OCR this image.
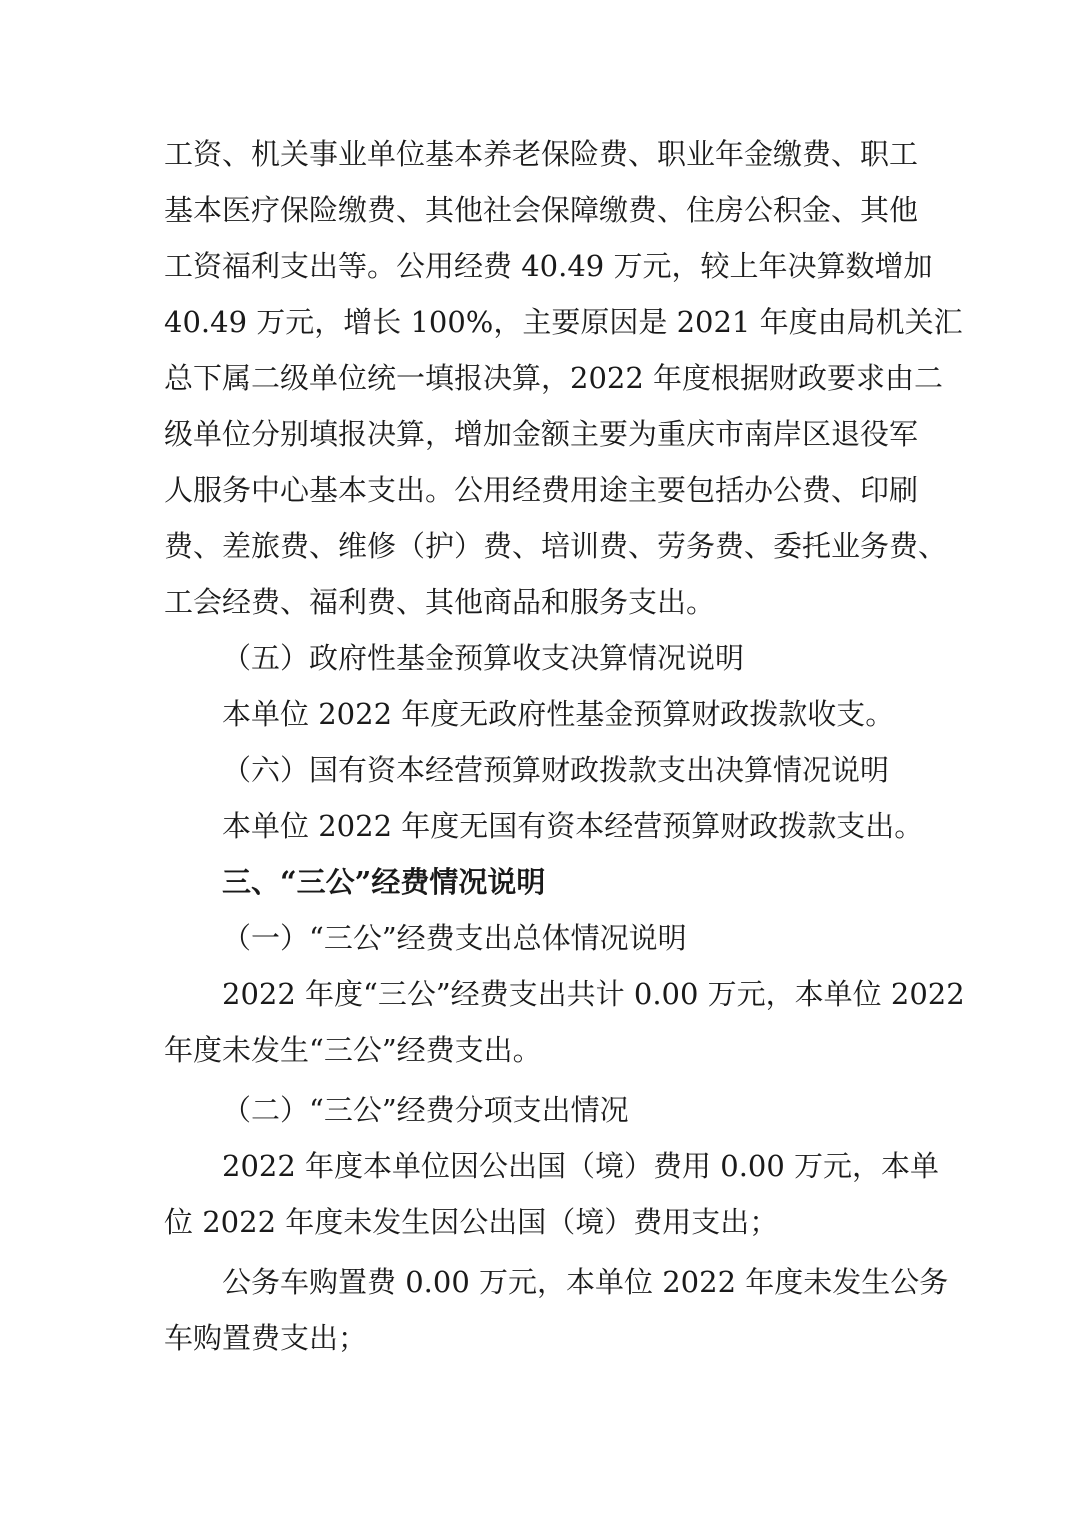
工资、机关事业单位基本养老保险费、职业年金缴费、职工
基本医疗保险缴费、其他社会保障缴费、住房公积金、其他
工资福利支出等。公用经费 40.49 万元，较上年决算数增加
40.49 万元，增长 100%，主要原因是 2021 年度由局机关汇
总下属二级单位统一填报决算，2022 年度根据财政要求由二
级单位分别填报决算，增加金额主要为重庆市南岸区退役军
人服务中心基本支出。公用经费用途主要包括办公费、印刷
费、差旅费、维修（护）费、培训费、劳务费、委托业务费、
工会经费、福利费、其他商品和服务支出。
（五）政府性基金预算收支决算情况说明
本单位 2022 年度无政府性基金预算财政拨款收支。
（六）国有资本经营预算财政拨款支出决算情况说明
本单位 2022 年度无国有资本经营预算财政拨款支出。
三、“三公”经费情况说明
（一）“三公”经费支出总体情况说明
2022 年度“三公”经费支出共计 0.00 万元，本单位 2022
年度未发生“三公”经费支出。
（二）“三公”经费分项支出情况
2022 年度本单位因公出国（境）费用 0.00 万元，本单
位 2022 年度未发生因公出国（境）费用支出；
公务车购置费 0.00 万元，本单位 2022 年度未发生公务
车购置费支出；
